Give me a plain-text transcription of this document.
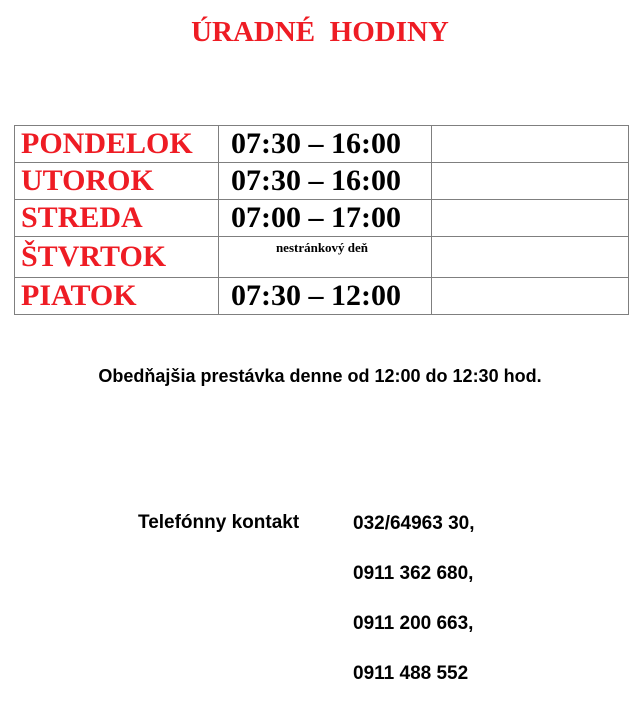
ÚRADNÉ  HODINY
PONDELOK	07:30 – 16:00	
UTOROK	07:30 – 16:00	
STREDA	07:00 – 17:00	
ŠTVRTOK	nestránkový deň	
PIATOK	07:30 – 12:00	
Obedňajšia prestávka denne od 12:00 do 12:30 hod.
Telefónny kontakt	032/64963 30,
0911 362 680,
0911 200 663,
0911 488 552
